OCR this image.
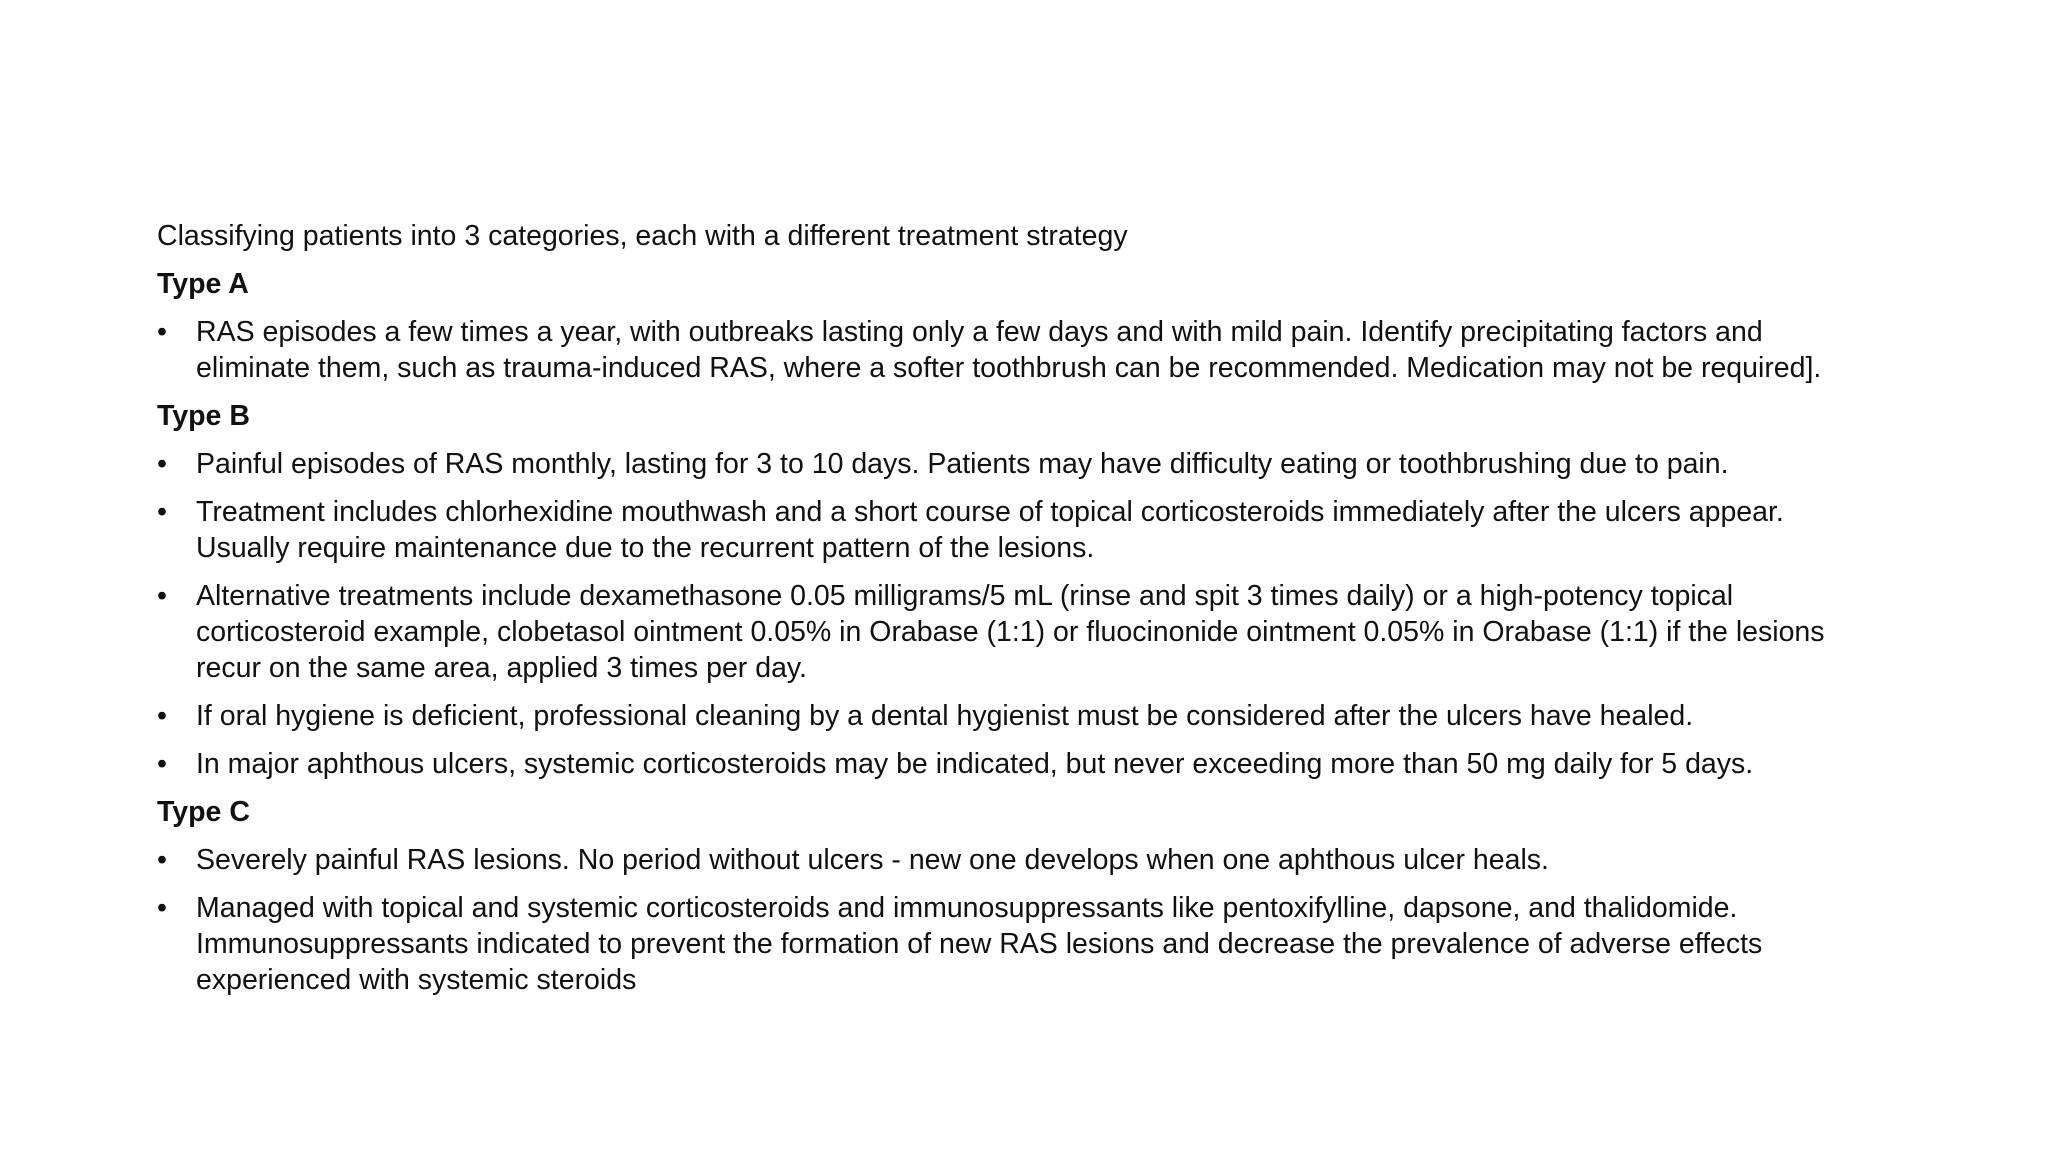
Classifying patients into 3 categories, each with a different treatment strategy

Type A

•	RAS episodes a few times a year, with outbreaks lasting only a few days and with mild pain. Identify precipitating factors and eliminate them, such as trauma-induced RAS, where a softer toothbrush can be recommended. Medication may not be required].

Type B

•	Painful episodes of RAS monthly, lasting for 3 to 10 days. Patients may have difficulty eating or toothbrushing due to pain.
•	Treatment includes chlorhexidine mouthwash and a short course of topical corticosteroids immediately after the ulcers appear. Usually require maintenance due to the recurrent pattern of the lesions.
•	Alternative treatments include dexamethasone 0.05 milligrams/5 mL (rinse and spit 3 times daily) or a high-potency topical corticosteroid example, clobetasol ointment 0.05% in Orabase (1:1) or fluocinonide ointment 0.05% in Orabase (1:1) if the lesions recur on the same area, applied 3 times per day.
•	If oral hygiene is deficient, professional cleaning by a dental hygienist must be considered after the ulcers have healed.
•	In major aphthous ulcers, systemic corticosteroids may be indicated, but never exceeding more than 50 mg daily for 5 days.

Type C

•	Severely painful RAS lesions. No period without ulcers - new one develops when one aphthous ulcer heals.
•	Managed with topical and systemic corticosteroids and immunosuppressants like pentoxifylline, dapsone, and thalidomide. Immunosuppressants indicated to prevent the formation of new RAS lesions and decrease the prevalence of adverse effects experienced with systemic steroids
